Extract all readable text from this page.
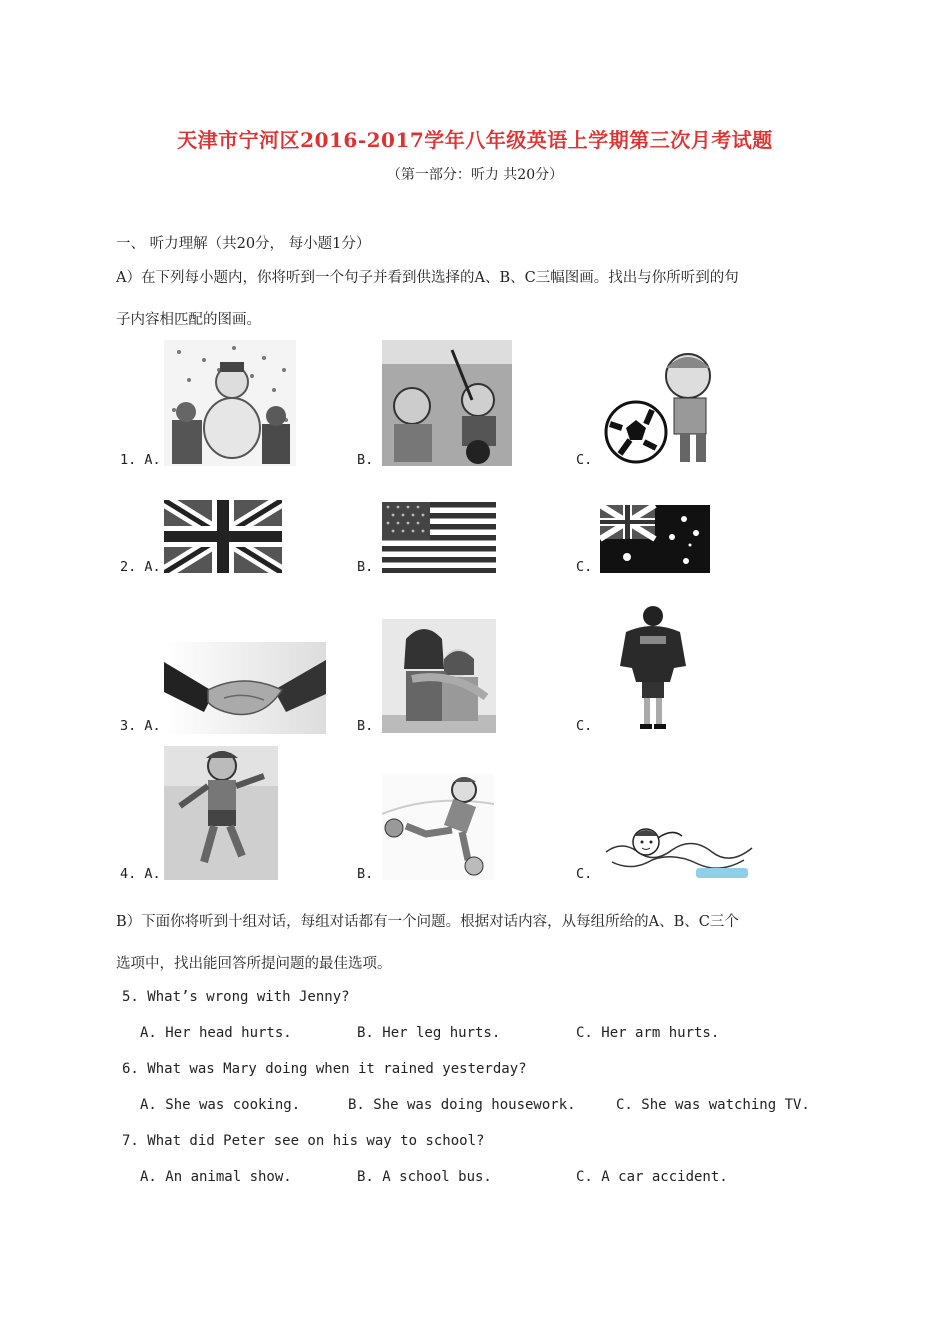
天津市宁河区2016-2017学年八年级英语上学期第三次月考试题
（第一部分：听力 共20分）
一、 听力理解（共20分， 每小题1分）
A）在下列每小题内，你将听到一个句子并看到供选择的A、B、C三幅图画。找出与你所听到的句
子内容相匹配的图画。
1. A.	B.	C.
2. A.	B.	C.
3. A.	B.	C.
4. A.	B.	C.
B）下面你将听到十组对话，每组对话都有一个问题。根据对话内容，从每组所给的A、B、C三个
选项中，找出能回答所提问题的最佳选项。
5. What’s wrong with Jenny?
A. Her head hurts.	B. Her leg hurts.	C. Her arm hurts.
6. What was Mary doing when it rained yesterday?
A. She was cooking.	B. She was doing housework.	C. She was watching TV.
7. What did Peter see on his way to school?
A. An animal show.	B. A school bus.	C. A car accident.
